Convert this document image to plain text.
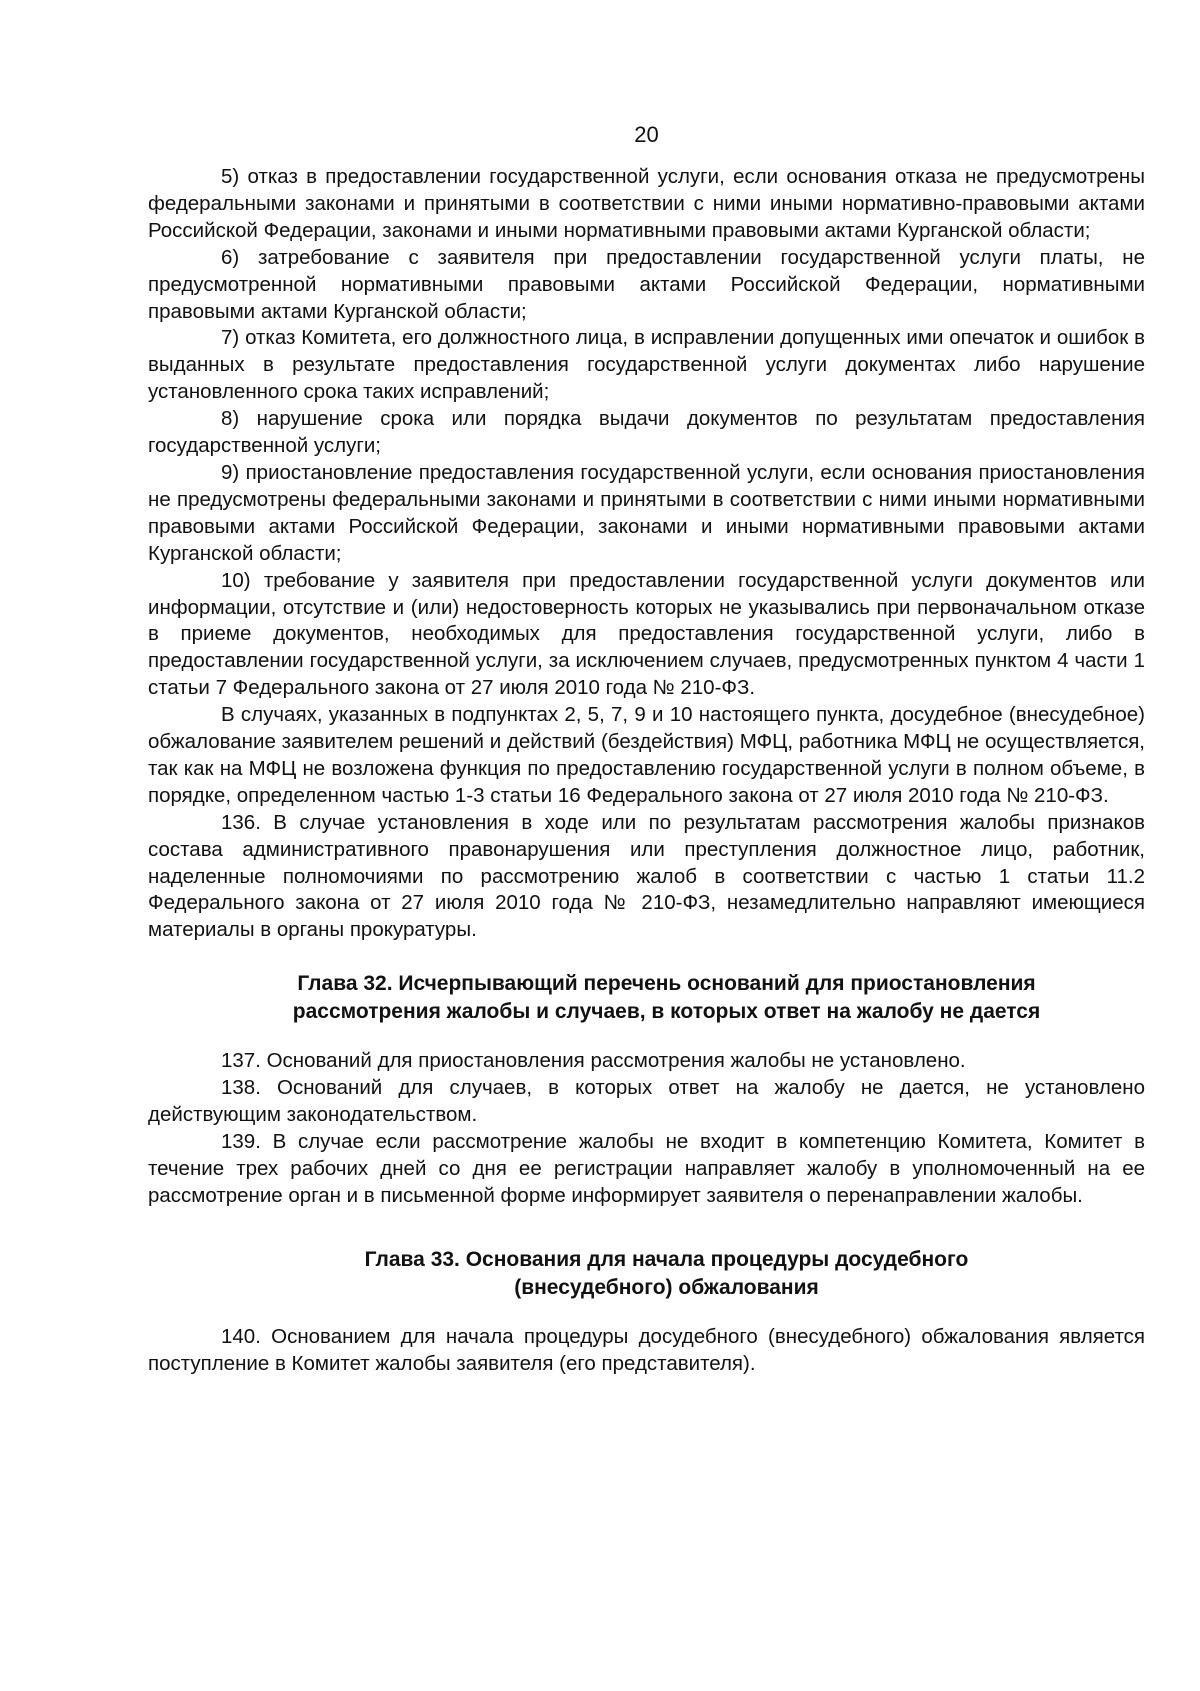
20

5) отказ в предоставлении государственной услуги, если основания отказа не предусмотрены федеральными законами и принятыми в соответствии с ними иными нормативно-правовыми актами Российской Федерации, законами и иными нормативными правовыми актами Курганской области;

6) затребование с заявителя при предоставлении государственной услуги платы, не предусмотренной нормативными правовыми актами Российской Федерации, нормативными правовыми актами Курганской области;

7) отказ Комитета, его должностного лица, в исправлении допущенных ими опечаток и ошибок в выданных в результате предоставления государственной услуги документах либо нарушение установленного срока таких исправлений;

8) нарушение срока или порядка выдачи документов по результатам предоставления государственной услуги;

9) приостановление предоставления государственной услуги, если основания приостановления не предусмотрены федеральными законами и принятыми в соответствии с ними иными нормативными правовыми актами Российской Федерации, законами и иными нормативными правовыми актами Курганской области;

10) требование у заявителя при предоставлении государственной услуги документов или информации, отсутствие и (или) недостоверность которых не указывались при первоначальном отказе в приеме документов, необходимых для предоставления государственной услуги, либо в предоставлении государственной услуги, за исключением случаев, предусмотренных пунктом 4 части 1 статьи 7 Федерального закона от 27 июля 2010 года № 210-ФЗ.

В случаях, указанных в подпунктах 2, 5, 7, 9 и 10 настоящего пункта, досудебное (внесудебное) обжалование заявителем решений и действий (бездействия) МФЦ, работника МФЦ не осуществляется, так как на МФЦ не возложена функция по предоставлению государственной услуги в полном объеме, в порядке, определенном частью 1-3 статьи 16 Федерального закона от 27 июля 2010 года № 210-ФЗ.

136. В случае установления в ходе или по результатам рассмотрения жалобы признаков состава административного правонарушения или преступления должностное лицо, работник, наделенные полномочиями по рассмотрению жалоб в соответствии с частью 1 статьи 11.2 Федерального закона от 27 июля 2010 года № 210-ФЗ, незамедлительно направляют имеющиеся материалы в органы прокуратуры.

Глава 32. Исчерпывающий перечень оснований для приостановления
рассмотрения жалобы и случаев, в которых ответ на жалобу не дается

137. Оснований для приостановления рассмотрения жалобы не установлено.

138. Оснований для случаев, в которых ответ на жалобу не дается, не установлено действующим законодательством.

139. В случае если рассмотрение жалобы не входит в компетенцию Комитета, Комитет в течение трех рабочих дней со дня ее регистрации направляет жалобу в уполномоченный на ее рассмотрение орган и в письменной форме информирует заявителя о перенаправлении жалобы.

Глава 33. Основания для начала процедуры досудебного
(внесудебного) обжалования

140. Основанием для начала процедуры досудебного (внесудебного) обжалования является поступление в Комитет жалобы заявителя (его представителя).
